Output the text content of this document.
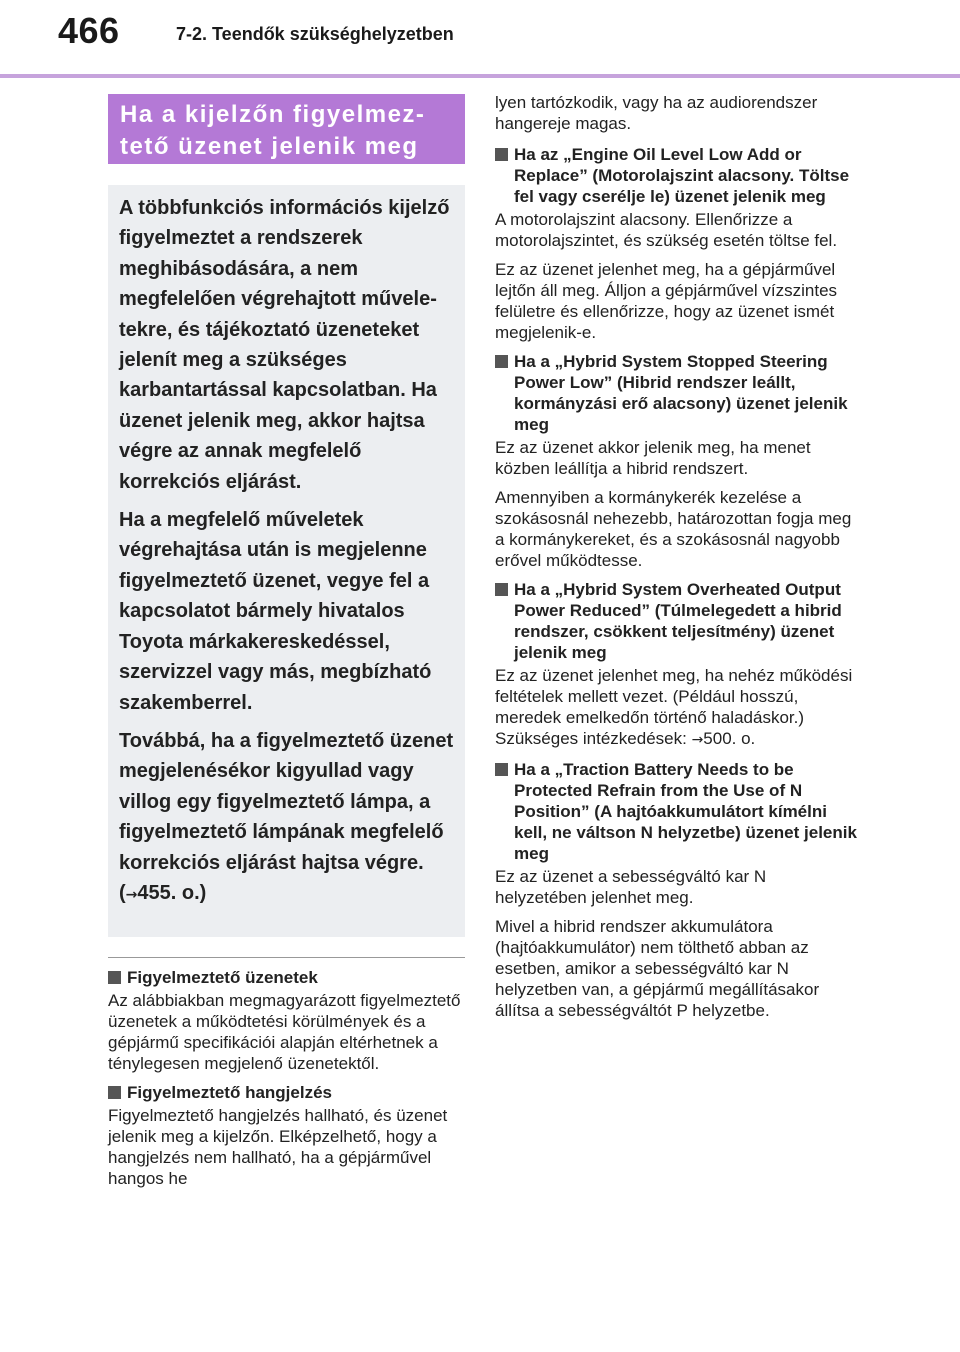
466	7-2. Teendők szükséghelyzetben
Ha a kijelzőn figyelmez-
tető üzenet jelenik meg

A többfunkciós információs kijelző figyelmeztet a rendszerek meghibásodására, a nem megfelelően végrehajtott műveletekre, és tájékoztató üzeneteket jelenít meg a szükséges karbantartással kapcsolatban. Ha üzenet jelenik meg, akkor hajtsa végre az annak megfelelő korrekciós eljárást.

Ha a megfelelő műveletek végrehajtása után is megjelenne figyelmeztető üzenet, vegye fel a kapcsolatot bármely hivatalos Toyota márkakereskedéssel, szervizzel vagy más, megbízható szakemberrel.

Továbbá, ha a figyelmeztető üzenet megjelenésékor kigyullad vagy villog egy figyelmeztető lámpa, a figyelmeztető lámpának megfelelő korrekciós eljárást hajtsa végre.
(→455. o.)

Figyelmeztető üzenetek

Az alábbiakban megmagyarázott figyelmeztető üzenetek a működtetési körülmények és a gépjármű specifikációi alapján eltérhetnek a ténylegesen megjelenő üzenetektől.

Figyelmeztető hangjelzés

Figyelmeztető hangjelzés hallható, és üzenet jelenik meg a kijelzőn. Elképzelhető, hogy a hangjelzés nem hallható, ha a gépjárművel hangos he

lyen tartózkodik, vagy ha az audiorendszer hangereje magas.

Ha az „Engine Oil Level Low Add or Replace” (Motorolajszint alacsony. Töltse fel vagy cserélje le) üzenet jelenik meg

A motorolajszint alacsony. Ellenőrizze a motorolajszintet, és szükség esetén töltse fel.

Ez az üzenet jelenhet meg, ha a gépjárművel lejtőn áll meg. Álljon a gépjárművel vízszintes felületre és ellenőrizze, hogy az üzenet ismét megjelenik-e.

Ha a „Hybrid System Stopped Steering Power Low” (Hibrid rendszer leállt, kormányzási erő alacsony) üzenet jelenik meg

Ez az üzenet akkor jelenik meg, ha menet közben leállítja a hibrid rendszert.

Amennyiben a kormánykerék kezelése a szokásosnál nehezebb, határozottan fogja meg a kormánykereket, és a szokásosnál nagyobb erővel működtesse.

Ha a „Hybrid System Overheated Output Power Reduced” (Túlmelegedett a hibrid rendszer, csökkent teljesítmény) üzenet jelenik meg

Ez az üzenet jelenhet meg, ha nehéz működési feltételek mellett vezet. (Például hosszú, meredek emelkedőn történő haladáskor.)

Szükséges intézkedések: →500. o.

Ha a „Traction Battery Needs to be Protected Refrain from the Use of N Position” (A hajtóakkumulátort kímélni kell, ne váltson N helyzetbe) üzenet jelenik meg

Ez az üzenet a sebességváltó kar N helyzetében jelenhet meg.

Mivel a hibrid rendszer akkumulátora (hajtóakkumulátor) nem tölthető abban az esetben, amikor a sebességváltó kar N helyzetben van, a gépjármű megállításakor állítsa a sebességváltót P helyzetbe.
